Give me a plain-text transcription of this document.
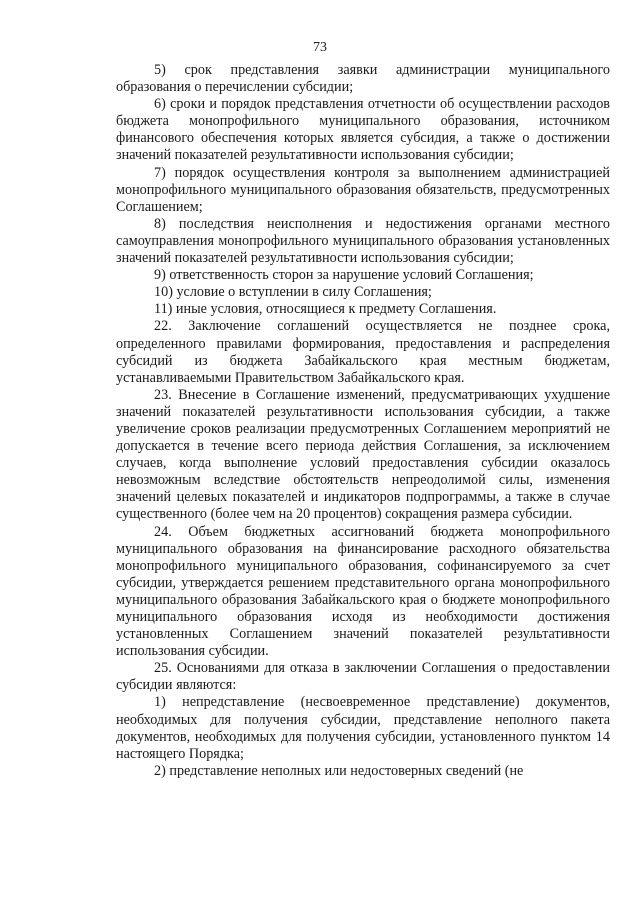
73

5) срок представления заявки администрации муниципального образования о перечислении субсидии;

6) сроки и порядок представления отчетности об осуществлении расходов бюджета монопрофильного муниципального образования, источником финансового обеспечения которых является субсидия, а также о достижении значений показателей результативности использования субсидии;

7) порядок осуществления контроля за выполнением администрацией монопрофильного муниципального образования обязательств, предусмотренных Соглашением;

8) последствия неисполнения и недостижения органами местного самоуправления монопрофильного муниципального образования установленных значений показателей результативности использования субсидии;

9) ответственность сторон за нарушение условий Соглашения;

10) условие о вступлении в силу Соглашения;

11) иные условия, относящиеся к предмету Соглашения.

22. Заключение соглашений осуществляется не позднее срока, определенного правилами формирования, предоставления и распределения субсидий из бюджета Забайкальского края местным бюджетам, устанавливаемыми Правительством Забайкальского края.

23. Внесение в Соглашение изменений, предусматривающих ухудшение значений показателей результативности использования субсидии, а также увеличение сроков реализации предусмотренных Соглашением мероприятий не допускается в течение всего периода действия Соглашения, за исключением случаев, когда выполнение условий предоставления субсидии оказалось невозможным вследствие обстоятельств непреодолимой силы, изменения значений целевых показателей и индикаторов подпрограммы, а также в случае существенного (более чем на 20 процентов) сокращения размера субсидии.

24. Объем бюджетных ассигнований бюджета монопрофильного муниципального образования на финансирование расходного обязательства монопрофильного муниципального образования, софинансируемого за счет субсидии, утверждается решением представительного органа монопрофильного муниципального образования Забайкальского края о бюджете монопрофильного муниципального образования исходя из необходимости достижения установленных Соглашением значений показателей результативности использования субсидии.

25. Основаниями для отказа в заключении Соглашения о предоставлении субсидии являются:

1) непредставление (несвоевременное представление) документов, необходимых для получения субсидии, представление неполного пакета документов, необходимых для получения субсидии, установленного пунктом 14 настоящего Порядка;

2) представление неполных или недостоверных сведений (не
